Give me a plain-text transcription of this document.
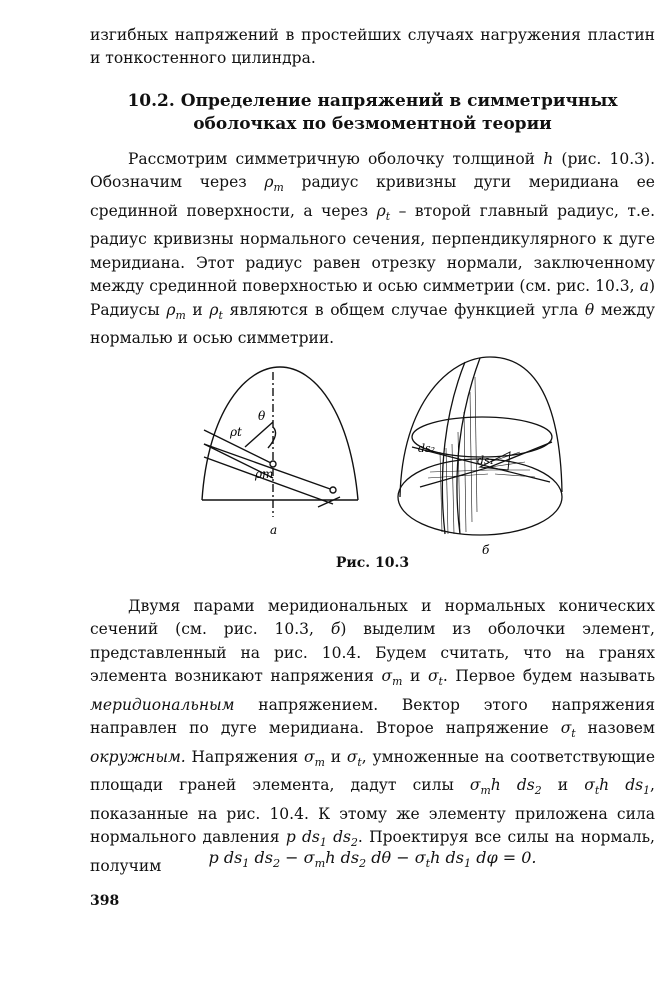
изгибных напряжений в простейших случаях нагружения пластин и тонкостенного цилиндра.

10.2. Определение напряжений в симметричных оболочках по безмоментной теории

Рассмотрим симметричную оболочку толщиной h (рис. 10.3). Обозначим через $\rho_m$ радиус кривизны дуги меридиана ее срединной поверхности, а через $\rho_t$ – второй главный радиус, т.е. радиус кривизны нормального сечения, перпендикулярного к дуге меридиана. Этот радиус равен отрезку нормали, заключенному между срединной поверхностью и осью симметрии (см. рис. 10.3, а) Радиусы $\rho_m$ и $\rho_t$ являются в общем случае функцией угла θ между нормалью и осью симметрии.

θ
ρt
ρm
а
ds₂
ds₁
б

Рис. 10.3

Двумя парами меридиональных и нормальных конических сечений (см. рис. 10.3, б) выделим из оболочки элемент, представленный на рис. 10.4. Будем считать, что на гранях элемента возникают напряжения $\sigma_m$ и $\sigma_t$. Первое будем называть меридиональным напряжением. Вектор этого напряжения направлен по дуге меридиана. Второе напряжение $\sigma_t$ назовем окружным. Напряжения $\sigma_m$ и $\sigma_t$, умноженные на соответствующие площади граней элемента, дадут силы $\sigma_mh$ $ds_2$ и $\sigma_th$ $ds_1$, показанные на рис. 10.4. К этому же элементу приложена сила нормального давления p $ds_1$ $ds_2$. Проектируя все силы на нормаль, получим	p $ds_1$ $ds_2 - \sigma_mh$ $ds_2$ $d\theta - \sigma_th$ $ds_1$ dφ = 0.

398
